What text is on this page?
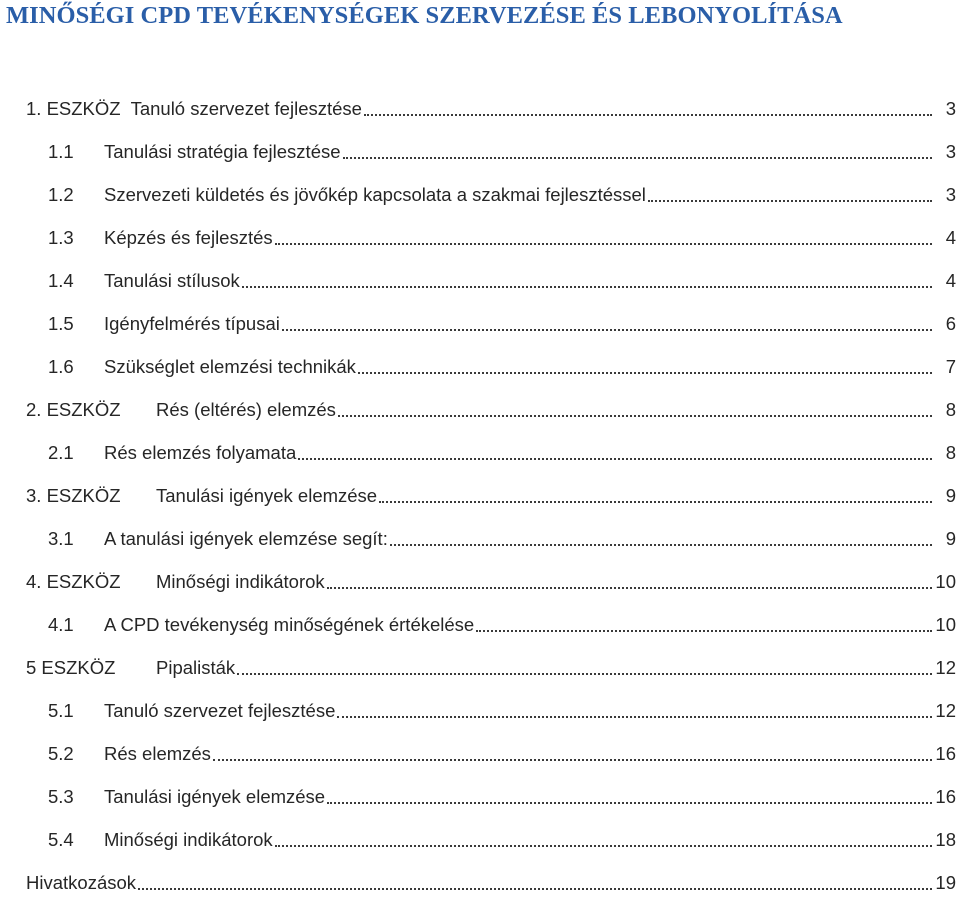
MINŐSÉGI CPD TEVÉKENYSÉGEK SZERVEZÉSE ÉS LEBONYOLÍTÁSA
1. ESZKÖZ Tanuló szervezet fejlesztése	3
1.1	Tanulási stratégia fejlesztése	3
1.2	Szervezeti küldetés és jövőkép kapcsolata a szakmai fejlesztéssel	3
1.3	Képzés és fejlesztés	4
1.4	Tanulási stílusok	4
1.5	Igényfelmérés típusai	6
1.6	Szükséglet elemzési technikák	7
2. ESZKÖZ	Rés (eltérés) elemzés	8
2.1	Rés elemzés folyamata	8
3. ESZKÖZ	Tanulási igények elemzése	9
3.1	A tanulási igények elemzése segít:	9
4. ESZKÖZ	Minőségi indikátorok	10
4.1	A CPD tevékenység minőségének értékelése	10
5 ESZKÖZ	Pipalisták	12
5.1	Tanuló szervezet fejlesztése	12
5.2	Rés elemzés	16
5.3	Tanulási igények elemzése	16
5.4	Minőségi indikátorok	18
Hivatkozások	19
